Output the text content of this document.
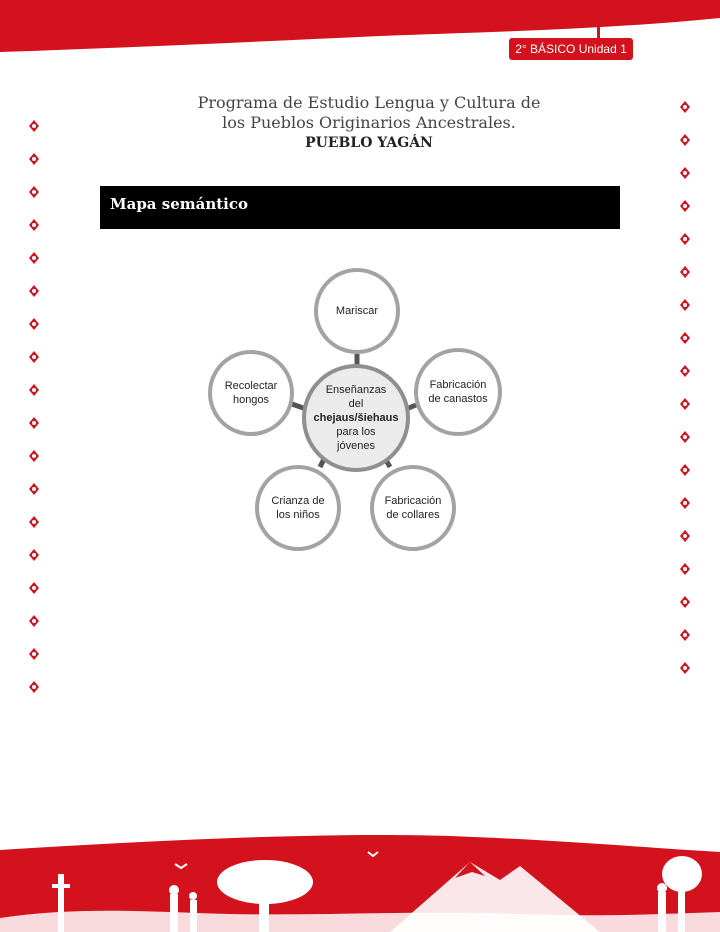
2° BÁSICO Unidad 1
Programa de Estudio Lengua y Cultura de
los Pueblos Originarios Ancestrales.
PUEBLO YAGÁN
Mapa semántico
Mariscar
Fabricación de canastos
Fabricación de collares
Crianza de los niños
Recolectar hongos
Enseñanzas del
chejaus/šiehaus
para los jóvenes
